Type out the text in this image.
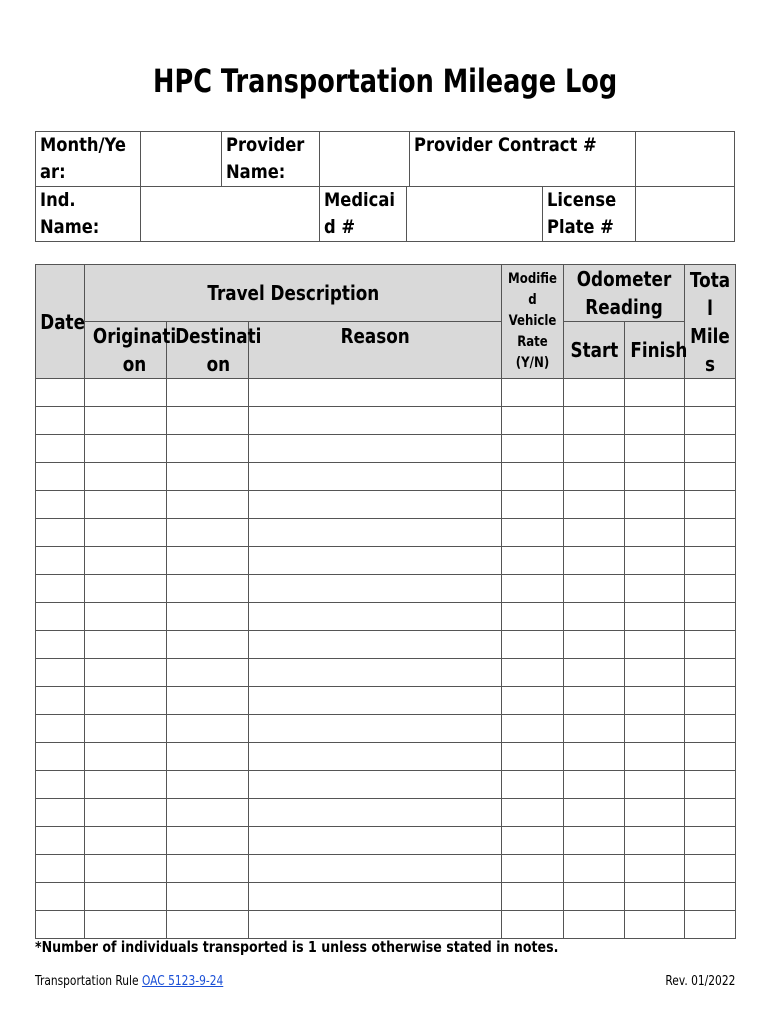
HPC Transportation Mileage Log
Month/Ye ar:		Provider Name:			Provider Contract #		
Ind. Name:			Medicai d #			License Plate #	
Date	Travel Description			Modifie d Vehicle Rate (Y/N)	Odometer Reading		Tota l Mile s
	Originati on	Destinati on	Reason		Start	Finish	

*Number of individuals transported is 1 unless otherwise stated in notes.
Transportation Rule OAC 5123-9-24	Rev. 01/2022
